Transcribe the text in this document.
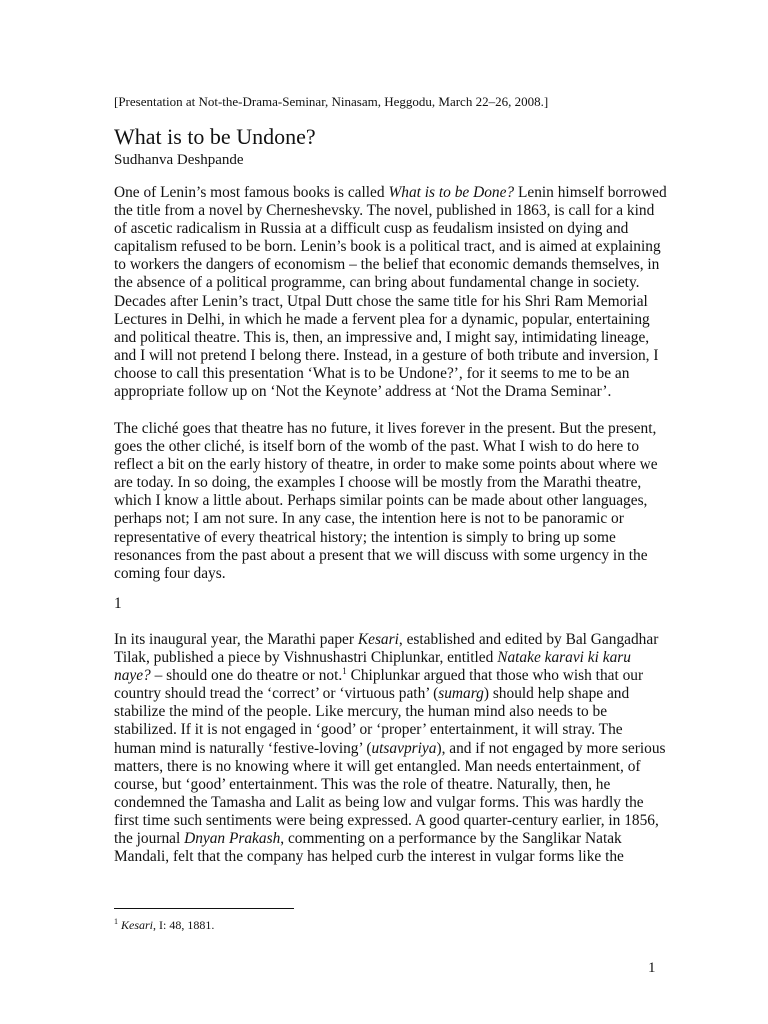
[Presentation at Not-the-Drama-Seminar, Ninasam, Heggodu, March 22–26, 2008.]
What is to be Undone?
Sudhanva Deshpande
One of Lenin’s most famous books is called What is to be Done? Lenin himself borrowed
the title from a novel by Cherneshevsky. The novel, published in 1863, is call for a kind
of ascetic radicalism in Russia at a difficult cusp as feudalism insisted on dying and
capitalism refused to be born. Lenin’s book is a political tract, and is aimed at explaining
to workers the dangers of economism – the belief that economic demands themselves, in
the absence of a political programme, can bring about fundamental change in society.
Decades after Lenin’s tract, Utpal Dutt chose the same title for his Shri Ram Memorial
Lectures in Delhi, in which he made a fervent plea for a dynamic, popular, entertaining
and political theatre. This is, then, an impressive and, I might say, intimidating lineage,
and I will not pretend I belong there. Instead, in a gesture of both tribute and inversion, I
choose to call this presentation ‘What is to be Undone?’, for it seems to me to be an
appropriate follow up on ‘Not the Keynote’ address at ‘Not the Drama Seminar’.
The cliché goes that theatre has no future, it lives forever in the present. But the present,
goes the other cliché, is itself born of the womb of the past. What I wish to do here to
reflect a bit on the early history of theatre, in order to make some points about where we
are today. In so doing, the examples I choose will be mostly from the Marathi theatre,
which I know a little about. Perhaps similar points can be made about other languages,
perhaps not; I am not sure. In any case, the intention here is not to be panoramic or
representative of every theatrical history; the intention is simply to bring up some
resonances from the past about a present that we will discuss with some urgency in the
coming four days.
1
In its inaugural year, the Marathi paper Kesari, established and edited by Bal Gangadhar
Tilak, published a piece by Vishnushastri Chiplunkar, entitled Natake karavi ki karu
naye? – should one do theatre or not.$^1$ Chiplunkar argued that those who wish that our
country should tread the ‘correct’ or ‘virtuous path’ (sumarg) should help shape and
stabilize the mind of the people. Like mercury, the human mind also needs to be
stabilized. If it is not engaged in ‘good’ or ‘proper’ entertainment, it will stray. The
human mind is naturally ‘festive-loving’ (utsavpriya), and if not engaged by more serious
matters, there is no knowing where it will get entangled. Man needs entertainment, of
course, but ‘good’ entertainment. This was the role of theatre. Naturally, then, he
condemned the Tamasha and Lalit as being low and vulgar forms. This was hardly the
first time such sentiments were being expressed. A good quarter-century earlier, in 1856,
the journal Dnyan Prakash, commenting on a performance by the Sanglikar Natak
Mandali, felt that the company has helped curb the interest in vulgar forms like the
$^1$ Kesari, I: 48, 1881.
1
